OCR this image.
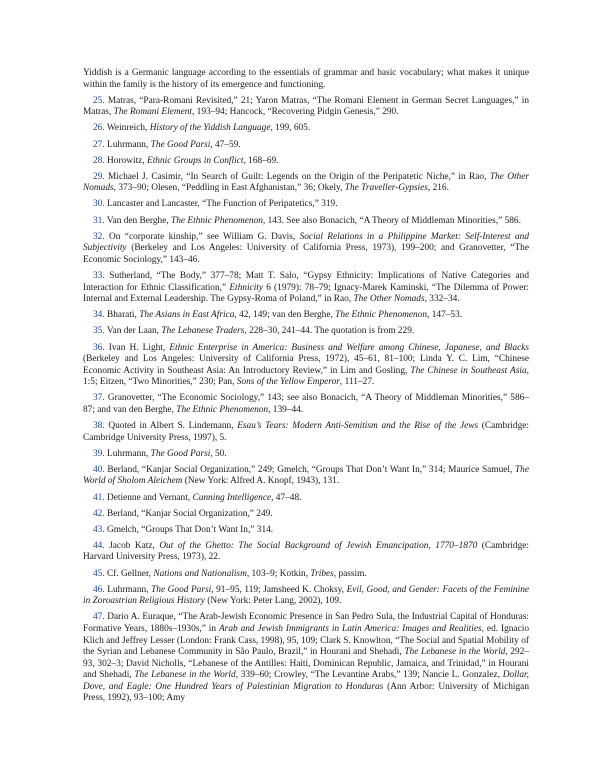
Yiddish is a Germanic language according to the essentials of grammar and basic vocabulary; what makes it unique within the family is the history of its emergence and functioning.

25. Matras, “Para-Romani Revisited,” 21; Yaron Matras, “The Romani Element in German Secret Languages,” in Matras, The Romani Element, 193–94; Hancock, “Recovering Pidgin Genesis,” 290.

26. Weinreich, History of the Yiddish Language, 199, 605.

27. Luhrmann, The Good Parsi, 47–59.

28. Horowitz, Ethnic Groups in Conflict, 168–69.

29. Michael J. Casimir, “In Search of Guilt: Legends on the Origin of the Peripatetic Niche,” in Rao, The Other Nomads, 373–90; Olesen, “Peddling in East Afghanistan,” 36; Okely, The Traveller-Gypsies, 216.

30. Lancaster and Lancaster, “The Function of Peripatetics,” 319.

31. Van den Berghe, The Ethnic Phenomenon, 143. See also Bonacich, “A Theory of Middleman Minorities,” 586.

32. On “corporate kinship,” see William G. Davis, Social Relations in a Philippine Market: Self-Interest and Subjectivity (Berkeley and Los Angeles: University of California Press, 1973), 199–200; and Granovetter, “The Economic Sociology,” 143–46.

33. Sutherland, “The Body,” 377–78; Matt T. Salo, “Gypsy Ethnicity: Implications of Native Categories and Interaction for Ethnic Classification,” Ethnicity 6 (1979): 78–79; Ignacy-Marek Kaminski, “The Dilemma of Power: Internal and External Leadership. The Gypsy-Roma of Poland,” in Rao, The Other Nomads, 332–34.

34. Bharati, The Asians in East Africa, 42, 149; van den Berghe, The Ethnic Phenomenon, 147–53.

35. Van der Laan, The Lebanese Traders, 228–30, 241–44. The quotation is from 229.

36. Ivan H. Light, Ethnic Enterprise in America: Business and Welfare among Chinese, Japanese, and Blacks (Berkeley and Los Angeles: University of California Press, 1972), 45–61, 81–100; Linda Y. C. Lim, “Chinese Economic Activity in Southeast Asia: An Introductory Review,” in Lim and Gosling, The Chinese in Southeast Asia, 1:5; Eitzen, “Two Minorities,” 230; Pan, Sons of the Yellow Emperor, 111–27.

37. Granovetter, “The Economic Sociology,” 143; see also Bonacich, “A Theory of Middleman Minorities,” 586–87; and van den Berghe, The Ethnic Phenomenon, 139–44.

38. Quoted in Albert S. Lindemann, Esau’s Tears: Modern Anti-Semitism and the Rise of the Jews (Cambridge: Cambridge University Press, 1997), 5.

39. Luhrmann, The Good Parsi, 50.

40. Berland, “Kanjar Social Organization,” 249; Gmelch, “Groups That Don’t Want In,” 314; Maurice Samuel, The World of Sholom Aleichem (New York: Alfred A. Knopf, 1943), 131.

41. Detienne and Vernant, Cunning Intelligence, 47–48.

42. Berland, “Kanjar Social Organization,” 249.

43. Gmelch, “Groups That Don’t Want In,” 314.

44. Jacob Katz, Out of the Ghetto: The Social Background of Jewish Emancipation, 1770–1870 (Cambridge: Harvard University Press, 1973), 22.

45. Cf. Gellner, Nations and Nationalism, 103–9; Kotkin, Tribes, passim.

46. Luhrmann, The Good Parsi, 91–95, 119; Jamsheed K. Choksy, Evil, Good, and Gender: Facets of the Feminine in Zoroastrian Religious History (New York: Peter Lang, 2002), 109.

47. Dario A. Euraque, “The Arab-Jewish Economic Presence in San Pedro Sula, the Industrial Capital of Honduras: Formative Years, 1880s–1930s,” in Arab and Jewish Immigrants in Latin America: Images and Realities, ed. Ignacio Klich and Jeffrey Lesser (London: Frank Cass, 1998), 95, 109; Clark S. Knowlton, “The Social and Spatial Mobility of the Syrian and Lebanese Community in São Paulo, Brazil,” in Hourani and Shehadi, The Lebanese in the World, 292–93, 302–3; David Nicholls, “Lebanese of the Antilles: Haiti, Dominican Republic, Jamaica, and Trinidad,” in Hourani and Shehadi, The Lebanese in the World, 339–60; Crowley, “The Levantine Arabs,” 139; Nancie L. Gonzalez, Dollar, Dove, and Eagle: One Hundred Years of Palestinian Migration to Honduras (Ann Arbor: University of Michigan Press, 1992), 93–100; Amy
